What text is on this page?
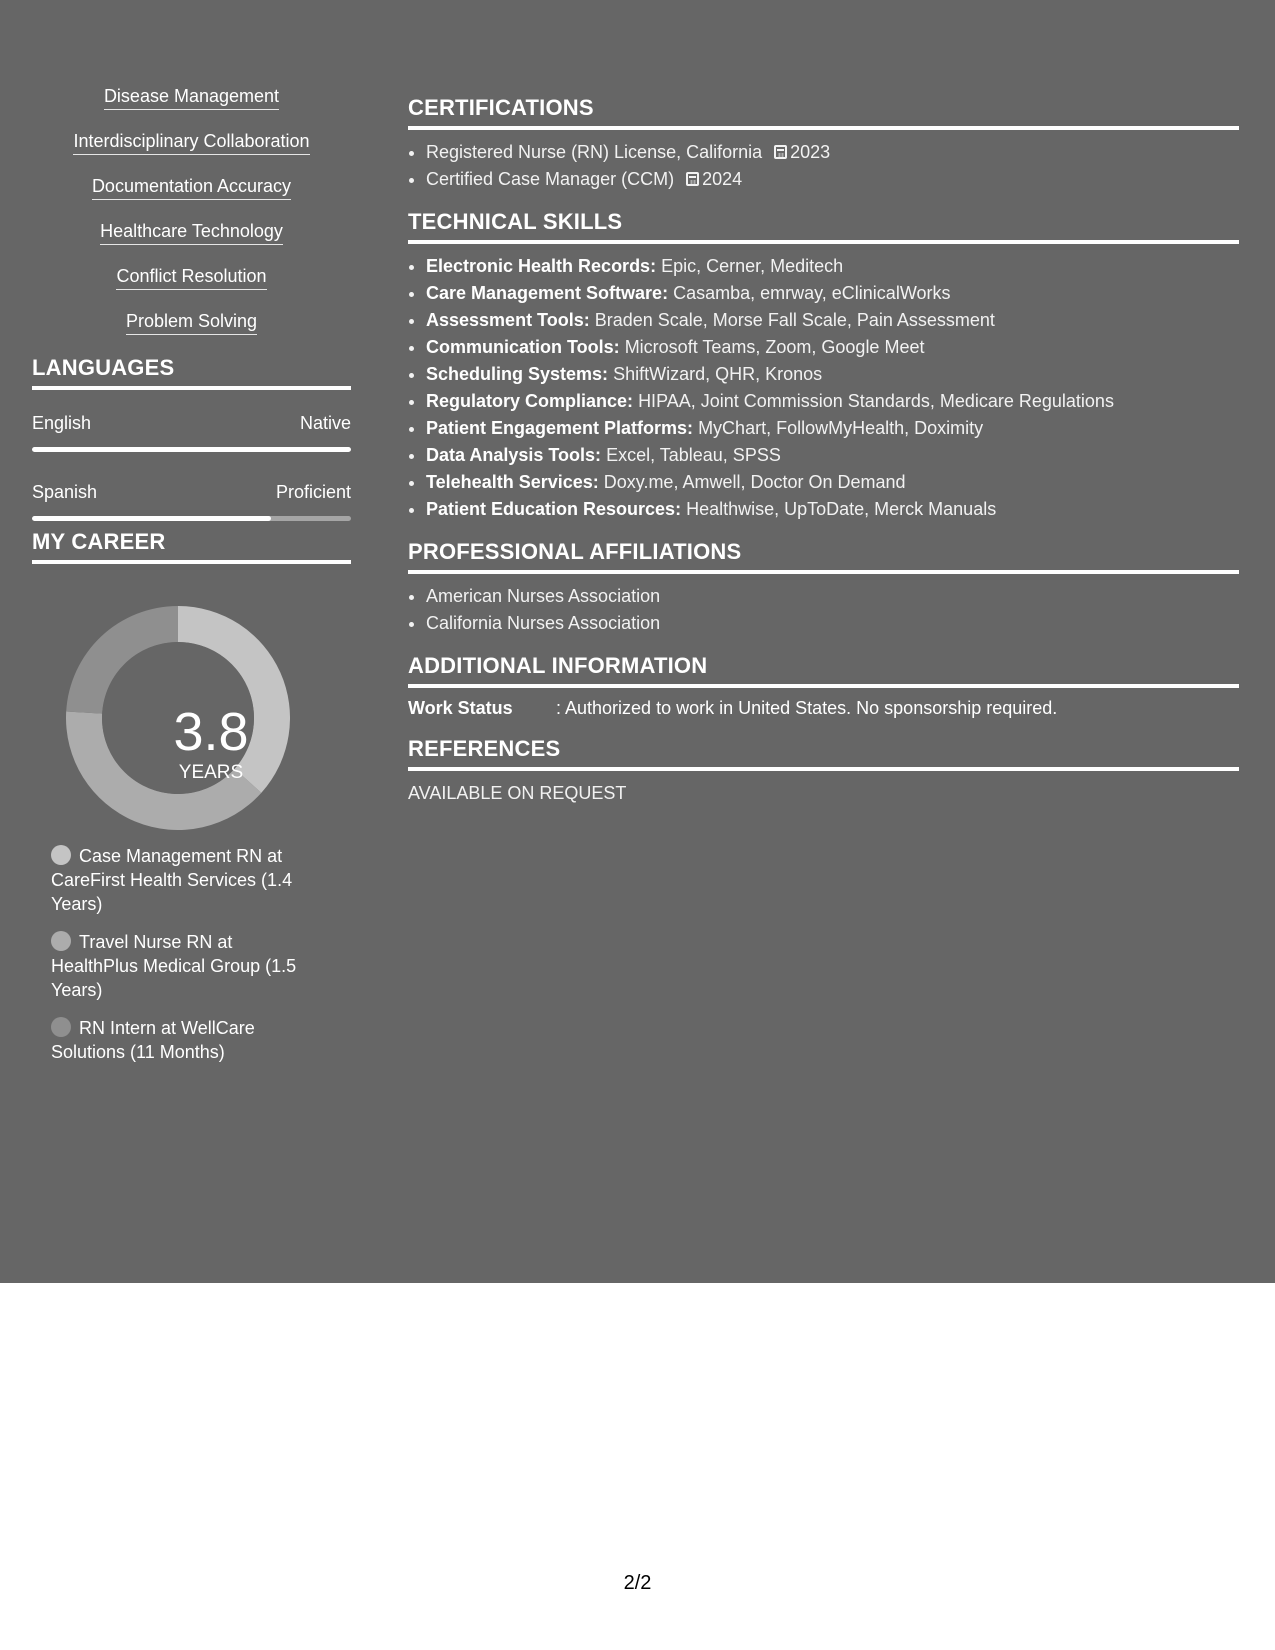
Disease Management
Interdisciplinary Collaboration
Documentation Accuracy
Healthcare Technology
Conflict Resolution
Problem Solving
LANGUAGES
English	Native
Spanish	Proficient
MY CAREER
3.8
YEARS
Case Management RN at CareFirst Health Services (1.4 Years)
Travel Nurse RN at HealthPlus Medical Group (1.5 Years)
RN Intern at WellCare Solutions (11 Months)
CERTIFICATIONS
• Registered Nurse (RN) License, California 2023
• Certified Case Manager (CCM) 2024
TECHNICAL SKILLS
• Electronic Health Records: Epic, Cerner, Meditech
• Care Management Software: Casamba, emrway, eClinicalWorks
• Assessment Tools: Braden Scale, Morse Fall Scale, Pain Assessment
• Communication Tools: Microsoft Teams, Zoom, Google Meet
• Scheduling Systems: ShiftWizard, QHR, Kronos
• Regulatory Compliance: HIPAA, Joint Commission Standards, Medicare Regulations
• Patient Engagement Platforms: MyChart, FollowMyHealth, Doximity
• Data Analysis Tools: Excel, Tableau, SPSS
• Telehealth Services: Doxy.me, Amwell, Doctor On Demand
• Patient Education Resources: Healthwise, UpToDate, Merck Manuals
PROFESSIONAL AFFILIATIONS
• American Nurses Association
• California Nurses Association
ADDITIONAL INFORMATION
Work Status : Authorized to work in United States. No sponsorship required.
REFERENCES
AVAILABLE ON REQUEST
2/2
